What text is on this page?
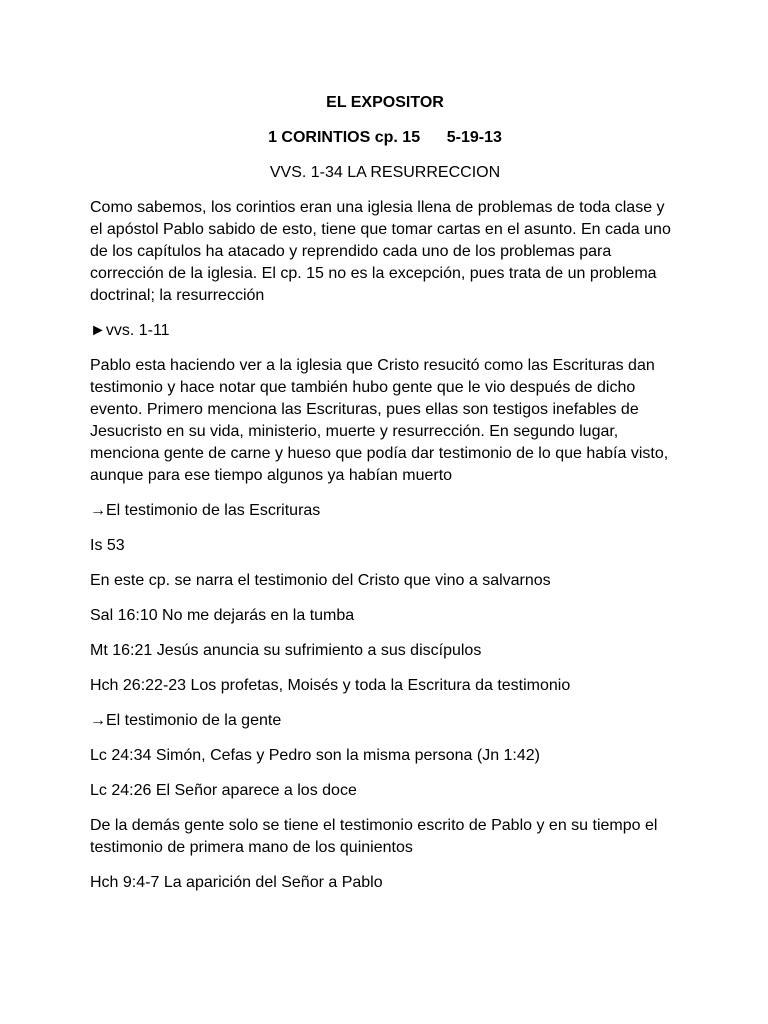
EL EXPOSITOR
1 CORINTIOS cp. 15      5-19-13
VVS. 1-34 LA RESURRECCION

Como sabemos, los corintios eran una iglesia llena de problemas de toda clase y el apóstol Pablo sabido de esto, tiene que tomar cartas en el asunto. En cada uno de los capítulos ha atacado y reprendido cada uno de los problemas para corrección de la iglesia. El cp. 15 no es la excepción, pues trata de un problema doctrinal; la resurrección

►vvs. 1-11

Pablo esta haciendo ver a la iglesia que Cristo resucitó como las Escrituras dan testimonio y hace notar que también hubo gente que le vio después de dicho evento. Primero menciona las Escrituras, pues ellas son testigos inefables de Jesucristo en su vida, ministerio, muerte y resurrección. En segundo lugar, menciona gente de carne y hueso que podía dar testimonio de lo que había visto, aunque para ese tiempo algunos ya habían muerto

→El testimonio de las Escrituras

Is 53

En este cp. se narra el testimonio del Cristo que vino a salvarnos

Sal 16:10 No me dejarás en la tumba

Mt 16:21 Jesús anuncia su sufrimiento a sus discípulos

Hch 26:22-23 Los profetas, Moisés y toda la Escritura da testimonio

→El testimonio de la gente

Lc 24:34 Simón, Cefas y Pedro son la misma persona (Jn 1:42)

Lc 24:26 El Señor aparece a los doce

De la demás gente solo se tiene el testimonio escrito de Pablo y en su tiempo el testimonio de primera mano de los quinientos

Hch 9:4-7 La aparición del Señor a Pablo
